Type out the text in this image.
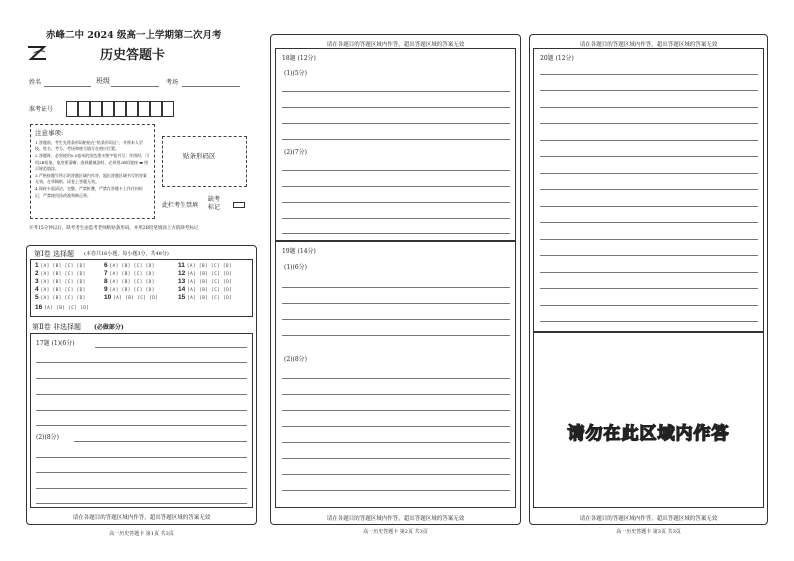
赤峰二中 2024 级高一上学期第二次月考
历史答题卡
姓名	班级	考场
准考证号
注意事项:
1.答题前，考生先将条形码粘贴在“贴条形码区”，并将本人学校、姓名、考号、考场和座号填写在相应位置。
2.答题时，必须使用0.5毫米的黑色墨水签字笔书写；作图时，可用2B铅笔，笔迹要清晰；选择题填涂时，必须用2B铅笔按 ▬ 图示规范填涂。
3.严格按题号所示的答题区域内作答，超出答题区域书写的答案无效，在草稿纸、试卷上答题无效。
4.保持卡面清洁，完整，严禁折叠，严禁在答题卡上作任何标记，严禁使用涂改液和修正带。
贴条形码区
此栏考生禁填
缺考标记
开考15分钟以后，缺考考生由监考老师粘贴条形码，并用2B铅笔填涂上方的缺考标记
第Ⅰ卷 选择题 (本卷共16小题，每小题3分，共48分)
1 [A] [B] [C] [D]
2 [A] [B] [C] [D]
3 [A] [B] [C] [D]
4 [A] [B] [C] [D]
5 [A] [B] [C] [D]
6 [A] [B] [C] [D]
7 [A] [B] [C] [D]
8 [A] [B] [C] [D]
9 [A] [B] [C] [D]
10 [A] [B] [C] [D]
11 [A] [B] [C] [D]
12 [A] [B] [C] [D]
13 [A] [B] [C] [D]
14 [A] [B] [C] [D]
15 [A] [B] [C] [D]
16 [A] [B] [C] [D]
第Ⅱ卷 非选择题 (必做部分)
17题 (1)(6分)
(2)(8分)
请在各题目的答题区域内作答，超出答题区域的答案无效
高一历史答题卡 第1页 共3页
请在各题目的答题区域内作答，超出答题区域的答案无效
18题 (12分)
(1)(5分)
(2)(7分)
19题 (14分)
(1)(6分)
(2)(8分)
请在各题目的答题区域内作答，超出答题区域的答案无效
高一历史答题卡 第2页 共3页
请在各题目的答题区域内作答，超出答题区域的答案无效
20题 (12分)
请勿在此区域内作答
请在各题目的答题区域内作答，超出答题区域的答案无效
高一历史答题卡 第3页 共3页
